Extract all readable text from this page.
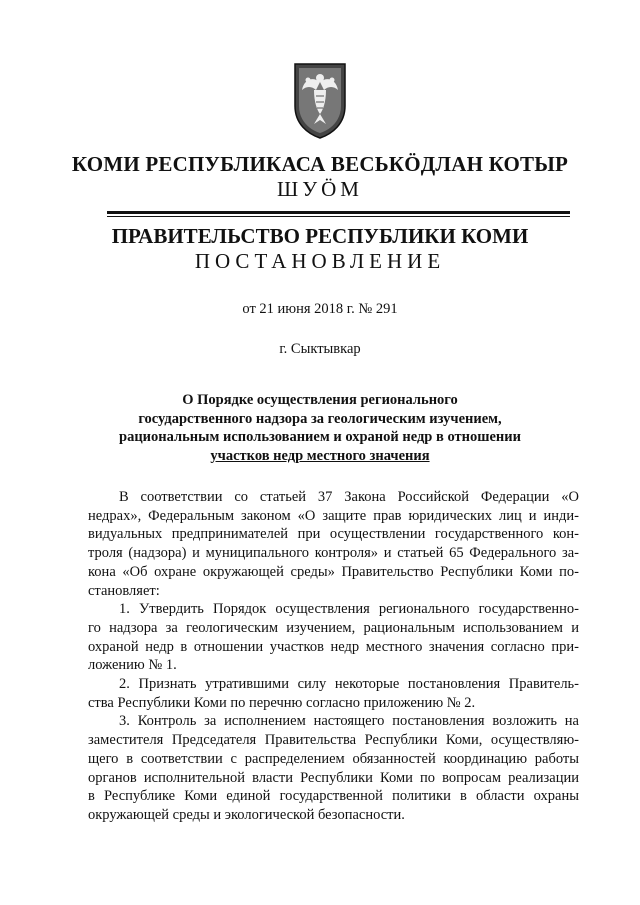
КОМИ РЕСПУБЛИКАСА ВЕСЬКӦДЛАН КОТЫР
ШУӦМ
ПРАВИТЕЛЬСТВО РЕСПУБЛИКИ КОМИ
ПОСТАНОВЛЕНИЕ
от 21 июня 2018 г. № 291
г. Сыктывкар
О Порядке осуществления регионального
государственного надзора за геологическим изучением,
рациональным использованием и охраной недр в отношении
участков недр местного значения
В соответствии со статьей 37 Закона Российской Федерации «О
недрах», Федеральным законом «О защите прав юридических лиц и инди-
видуальных предпринимателей при осуществлении государственного кон-
троля (надзора) и муниципального контроля» и статьей 65 Федерального за-
кона «Об охране окружающей среды» Правительство Республики Коми по-
становляет:
1. Утвердить Порядок осуществления регионального государственно-
го надзора за геологическим изучением, рациональным использованием и
охраной недр в отношении участков недр местного значения согласно при-
ложению № 1.
2. Признать утратившими силу некоторые постановления Правитель-
ства Республики Коми по перечню согласно приложению № 2.
3. Контроль за исполнением настоящего постановления возложить на
заместителя Председателя Правительства Республики Коми, осуществляю-
щего в соответствии с распределением обязанностей координацию работы
органов исполнительной власти Республики Коми по вопросам реализации
в Республике Коми единой государственной политики в области охраны
окружающей среды и экологической безопасности.
